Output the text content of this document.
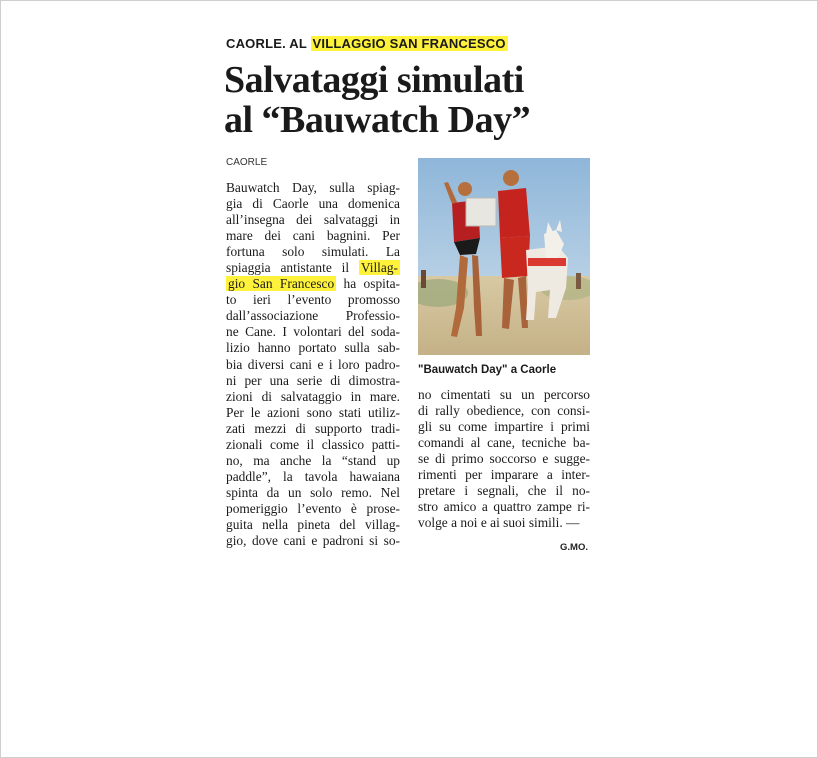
CAORLE. AL VILLAGGIO SAN FRANCESCO
Salvataggi simulati
al “Bauwatch Day”
CAORLE
Bauwatch Day, sulla spiag-
gia di Caorle una domenica
all’insegna dei salvataggi in
mare dei cani bagnini. Per
fortuna solo simulati. La
spiaggia antistante il Villag-
gio San Francesco ha ospita-
to ieri l’evento promosso
dall’associazione Professio-
ne Cane. I volontari del soda-
lizio hanno portato sulla sab-
bia diversi cani e i loro padro-
ni per una serie di dimostra-
zioni di salvataggio in mare.
Per le azioni sono stati utiliz-
zati mezzi di supporto tradi-
zionali come il classico patti-
no, ma anche la “stand up
paddle”, la tavola hawaiana
spinta da un solo remo. Nel
pomeriggio l’evento è prose-
guita nella pineta del villag-
gio, dove cani e padroni si so-
"Bauwatch Day" a Caorle
no cimentati su un percorso
di rally obedience, con consi-
gli su come impartire i primi
comandi al cane, tecniche ba-
se di primo soccorso e sugge-
rimenti per imparare a inter-
pretare i segnali, che il no-
stro amico a quattro zampe ri-
volge a noi e ai suoi simili. —
G.MO.
